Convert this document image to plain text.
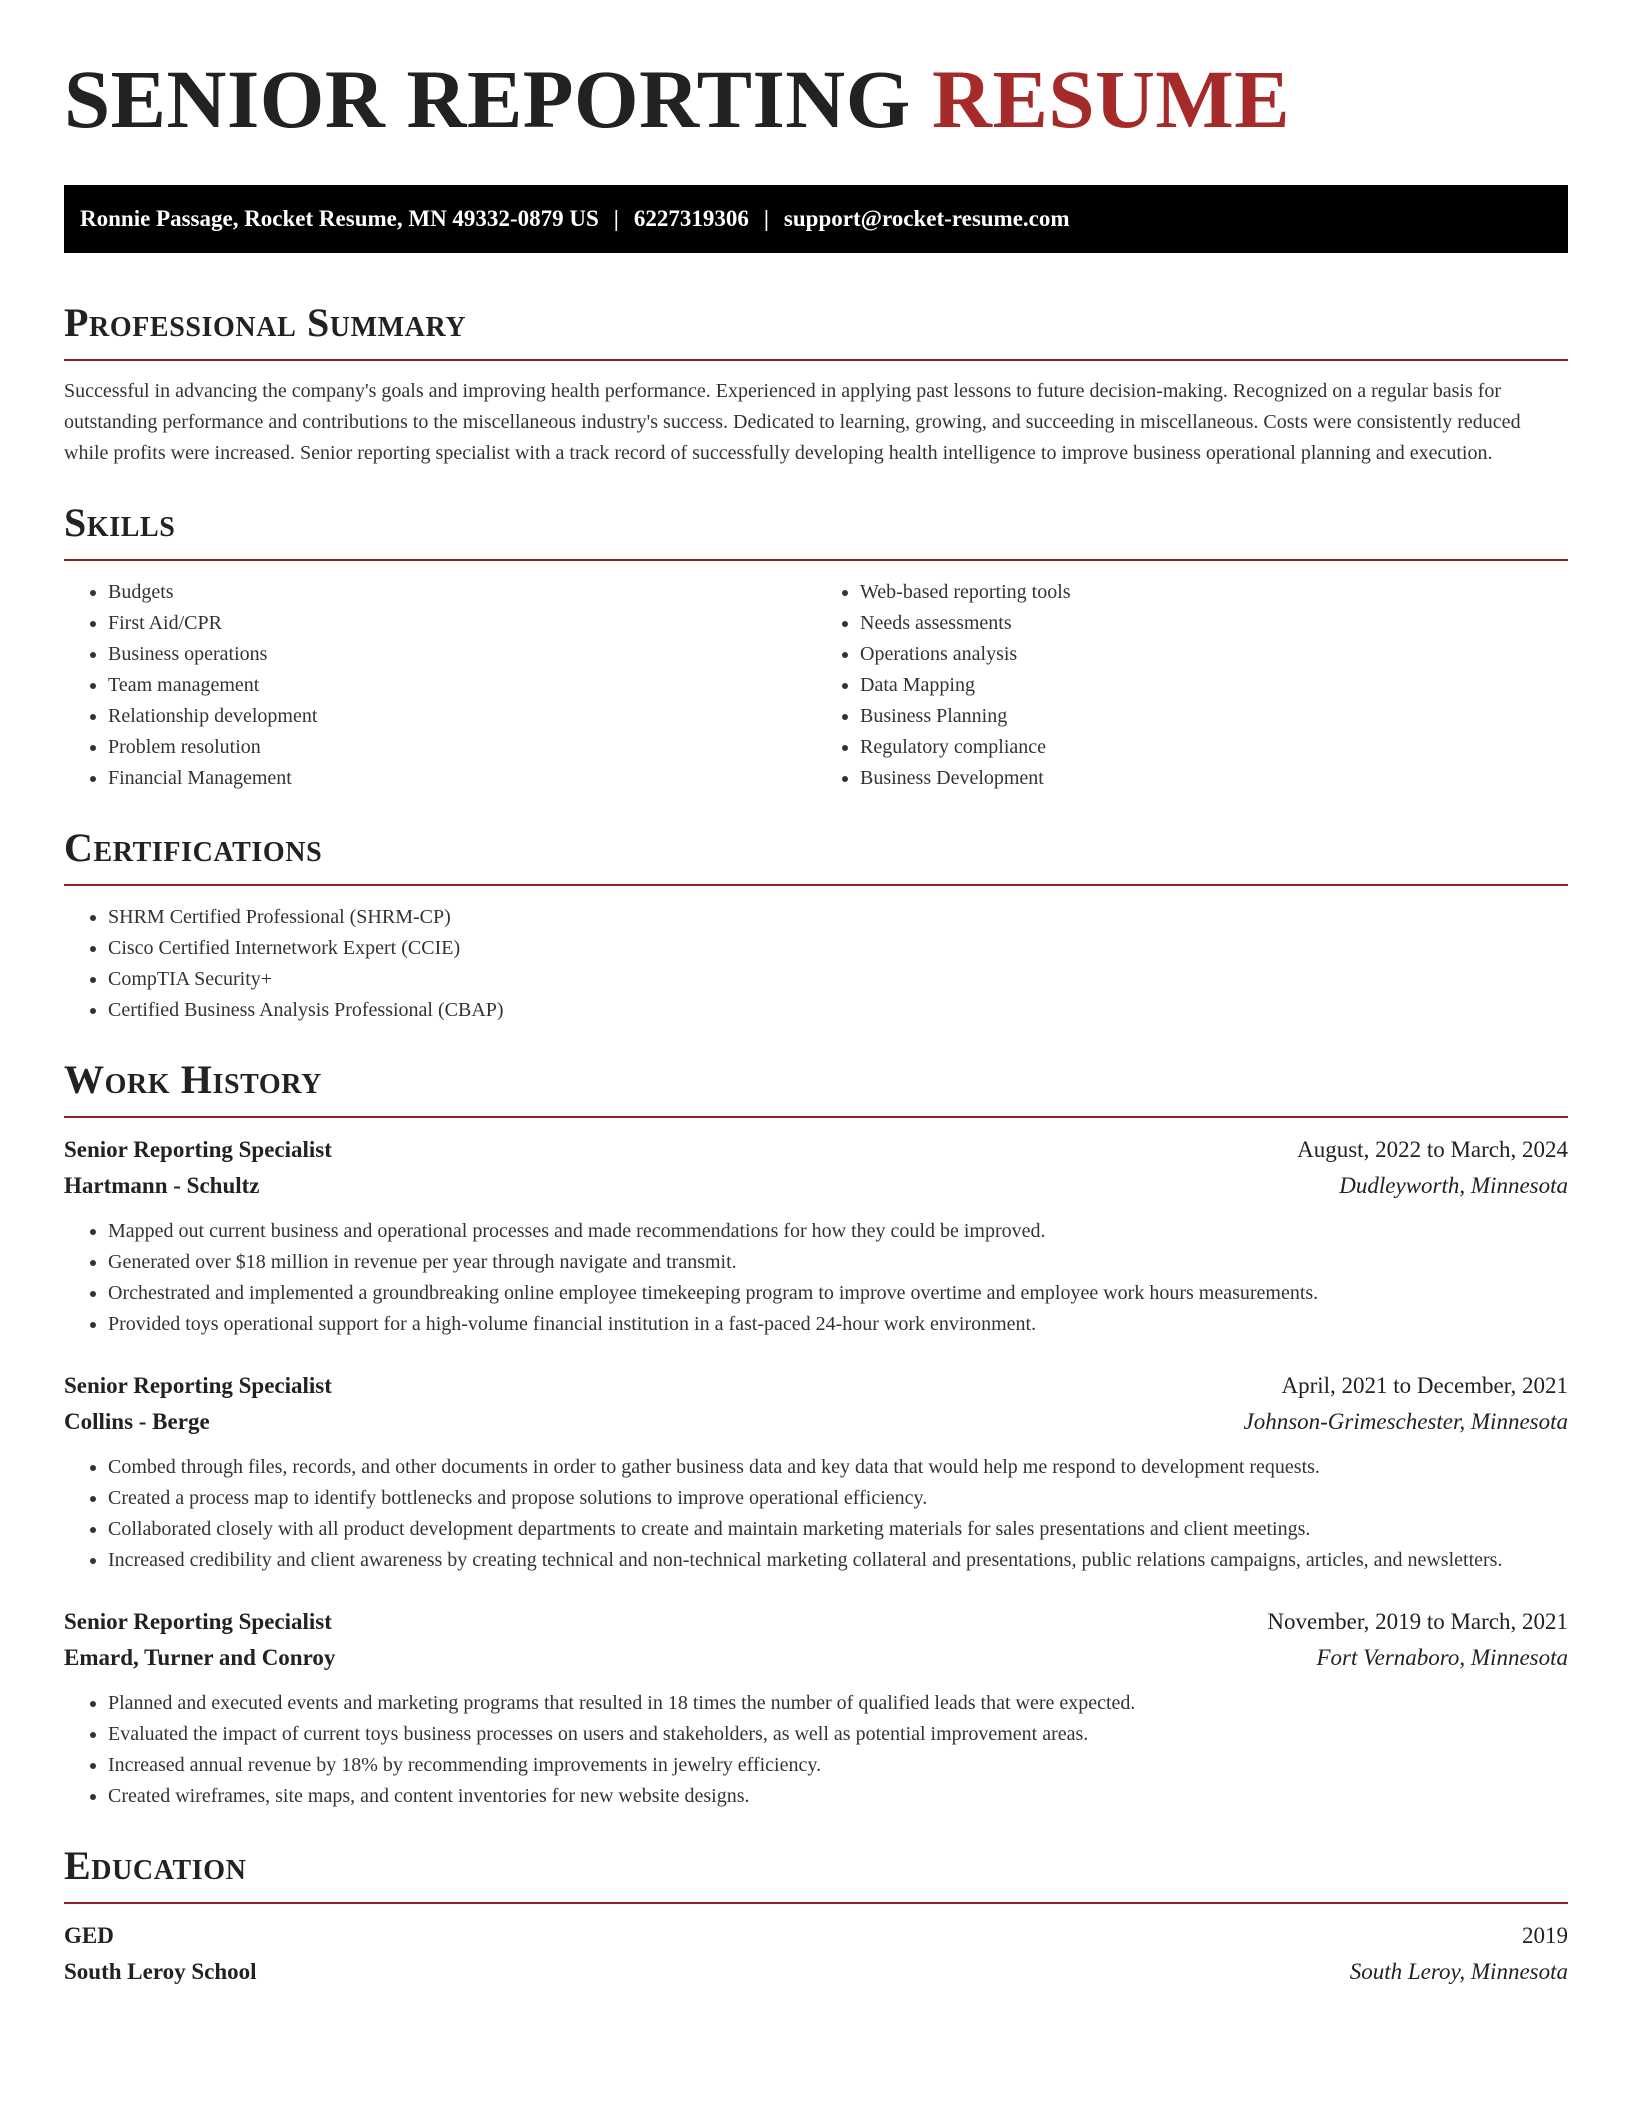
SENIOR REPORTING RESUME
Ronnie Passage, Rocket Resume, MN 49332-0879 US | 6227319306 | support@rocket-resume.com
Professional Summary

Successful in advancing the company's goals and improving health performance. Experienced in applying past lessons to future decision-making. Recognized on a regular basis for outstanding performance and contributions to the miscellaneous industry's success. Dedicated to learning, growing, and succeeding in miscellaneous. Costs were consistently reduced while profits were increased. Senior reporting specialist with a track record of successfully developing health intelligence to improve business operational planning and execution.

Skills
• Budgets
• First Aid/CPR
• Business operations
• Team management
• Relationship development
• Problem resolution
• Financial Management
• Web-based reporting tools
• Needs assessments
• Operations analysis
• Data Mapping
• Business Planning
• Regulatory compliance
• Business Development
Certifications
• SHRM Certified Professional (SHRM-CP)
• Cisco Certified Internetwork Expert (CCIE)
• CompTIA Security+
• Certified Business Analysis Professional (CBAP)
Work History
Senior Reporting Specialist	August, 2022 to March, 2024
Hartmann - Schultz	Dudleyworth, Minnesota
• Mapped out current business and operational processes and made recommendations for how they could be improved.
• Generated over $18 million in revenue per year through navigate and transmit.
• Orchestrated and implemented a groundbreaking online employee timekeeping program to improve overtime and employee work hours measurements.
• Provided toys operational support for a high-volume financial institution in a fast-paced 24-hour work environment.
Senior Reporting Specialist	April, 2021 to December, 2021
Collins - Berge	Johnson-Grimeschester, Minnesota
• Combed through files, records, and other documents in order to gather business data and key data that would help me respond to development requests.
• Created a process map to identify bottlenecks and propose solutions to improve operational efficiency.
• Collaborated closely with all product development departments to create and maintain marketing materials for sales presentations and client meetings.
• Increased credibility and client awareness by creating technical and non-technical marketing collateral and presentations, public relations campaigns, articles, and newsletters.
Senior Reporting Specialist	November, 2019 to March, 2021
Emard, Turner and Conroy	Fort Vernaboro, Minnesota
• Planned and executed events and marketing programs that resulted in 18 times the number of qualified leads that were expected.
• Evaluated the impact of current toys business processes on users and stakeholders, as well as potential improvement areas.
• Increased annual revenue by 18% by recommending improvements in jewelry efficiency.
• Created wireframes, site maps, and content inventories for new website designs.
Education
GED	2019
South Leroy School	South Leroy, Minnesota
